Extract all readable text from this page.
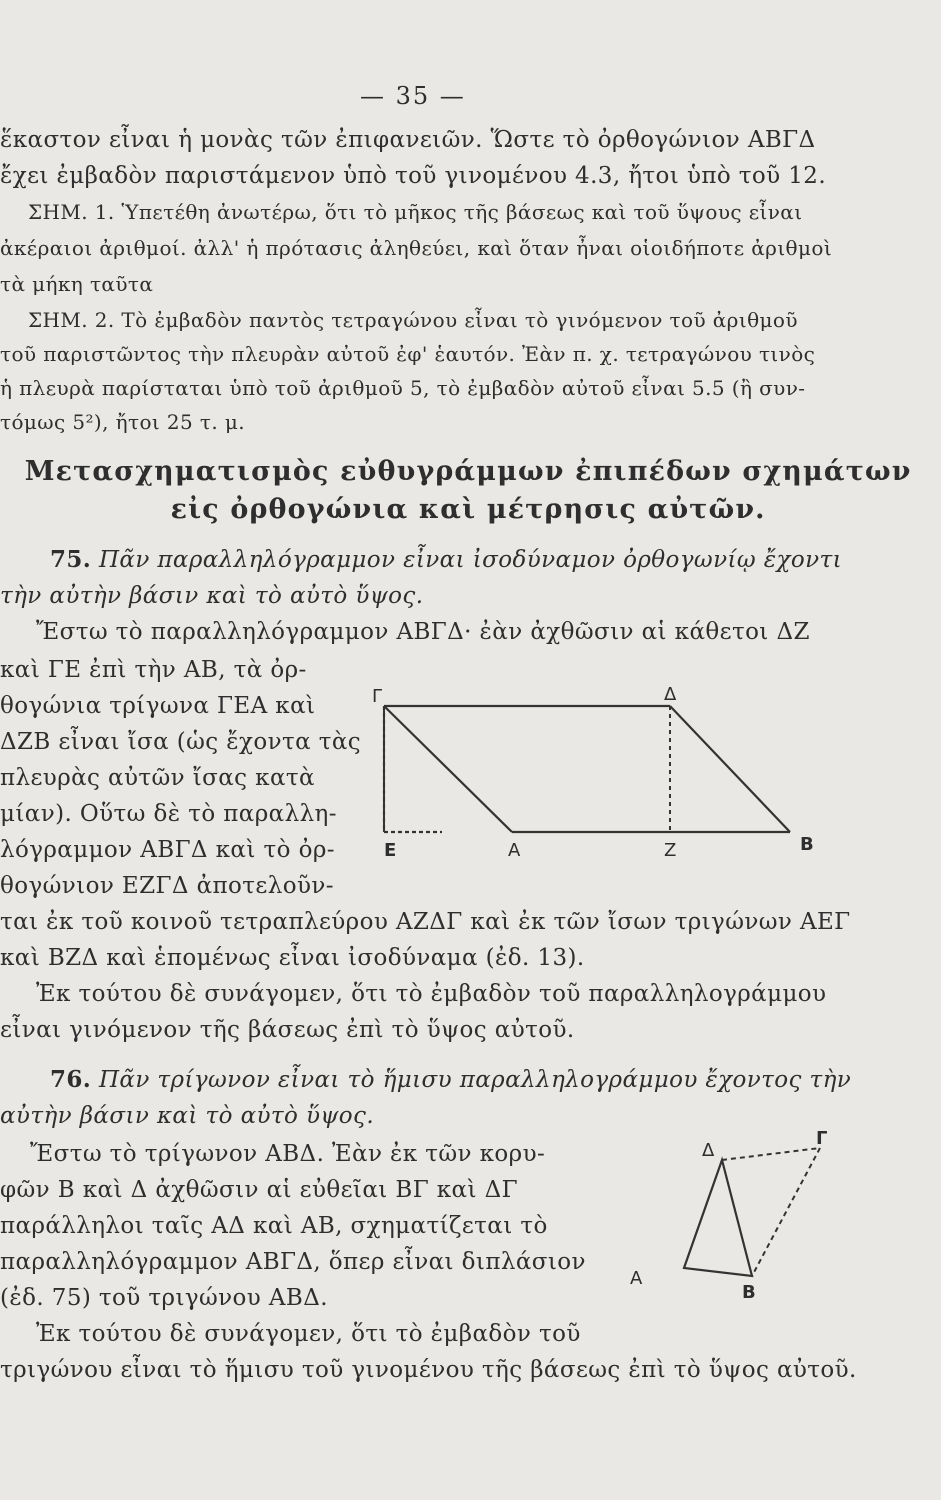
— 35 —
ἕκαστον εἶναι ἡ μονὰς τῶν ἐπιφανειῶν. Ὥστε τὸ ὀρθογώνιον ΑΒΓΔ
ἔχει ἐμβαδὸν παριστάμενον ὑπὸ τοῦ γινομένου 4.3, ἤτοι ὑπὸ τοῦ 12.
ΣΗΜ. 1. Ὑπετέθη ἀνωτέρω, ὅτι τὸ μῆκος τῆς βάσεως καὶ τοῦ ὕψους εἶναι
ἀκέραιοι ἀριθμοί. ἀλλ' ἡ πρότασις ἀληθεύει, καὶ ὅταν ἦναι οἱοιδήποτε ἀριθμοὶ
τὰ μήκη ταῦτα
ΣΗΜ. 2. Τὸ ἐμβαδὸν παντὸς τετραγώνου εἶναι τὸ γινόμενον τοῦ ἀριθμοῦ
τοῦ παριστῶντος τὴν πλευρὰν αὐτοῦ ἐφ' ἑαυτόν. Ἐὰν π. χ. τετραγώνου τινὸς
ἡ πλευρὰ παρίσταται ὑπὸ τοῦ ἀριθμοῦ 5, τὸ ἐμβαδὸν αὐτοῦ εἶναι 5.5 (ἢ συν-
τόμως 5²), ἤτοι 25 τ. μ.
Μετασχηματισμὸς εὐθυγράμμων ἐπιπέδων σχημάτων
εἰς ὀρθογώνια καὶ μέτρησις αὐτῶν.
75. Πᾶν παραλληλόγραμμον εἶναι ἰσοδύναμον ὀρθογωνίῳ ἔχοντι
τὴν αὐτὴν βάσιν καὶ τὸ αὐτὸ ὕψος.
Ἔστω τὸ παραλληλόγραμμον ΑΒΓΔ· ἐὰν ἀχθῶσιν αἱ κάθετοι ΔΖ
καὶ ΓΕ ἐπὶ τὴν ΑΒ, τὰ ὀρ-
θογώνια τρίγωνα ΓΕΑ καὶ
ΔΖΒ εἶναι ἴσα (ὡς ἔχοντα τὰς
πλευρὰς αὐτῶν ἴσας κατὰ
μίαν). Οὕτω δὲ τὸ παραλλη-
λόγραμμον ΑΒΓΔ καὶ τὸ ὀρ-
θογώνιον ΕΖΓΔ ἀποτελοῦν-
ται ἐκ τοῦ κοινοῦ τετραπλεύρου ΑΖΔΓ καὶ ἐκ τῶν ἴσων τριγώνων ΑΕΓ
καὶ ΒΖΔ καὶ ἑπομένως εἶναι ἰσοδύναμα (ἐδ. 13).
Ἐκ τούτου δὲ συνάγομεν, ὅτι τὸ ἐμβαδὸν τοῦ παραλληλογράμμου
εἶναι γινόμενον τῆς βάσεως ἐπὶ τὸ ὕψος αὐτοῦ.
Γ	Δ
Ε	Α	Ζ	Β
76. Πᾶν τρίγωνον εἶναι τὸ ἥμισυ παραλληλογράμμου ἔχοντος τὴν
αὐτὴν βάσιν καὶ τὸ αὐτὸ ὕψος.
Ἔστω τὸ τρίγωνον ΑΒΔ. Ἐὰν ἐκ τῶν κορυ-
φῶν Β καὶ Δ ἀχθῶσιν αἱ εὐθεῖαι ΒΓ καὶ ΔΓ
παράλληλοι ταῖς ΑΔ καὶ ΑΒ, σχηματίζεται τὸ
παραλληλόγραμμον ΑΒΓΔ, ὅπερ εἶναι διπλάσιον
(ἐδ. 75) τοῦ τριγώνου ΑΒΔ.
Ἐκ τούτου δὲ συνάγομεν, ὅτι τὸ ἐμβαδὸν τοῦ
τριγώνου εἶναι τὸ ἥμισυ τοῦ γινομένου τῆς βάσεως ἐπὶ τὸ ὕψος αὐτοῦ.
Δ
Γ
Α
Β
